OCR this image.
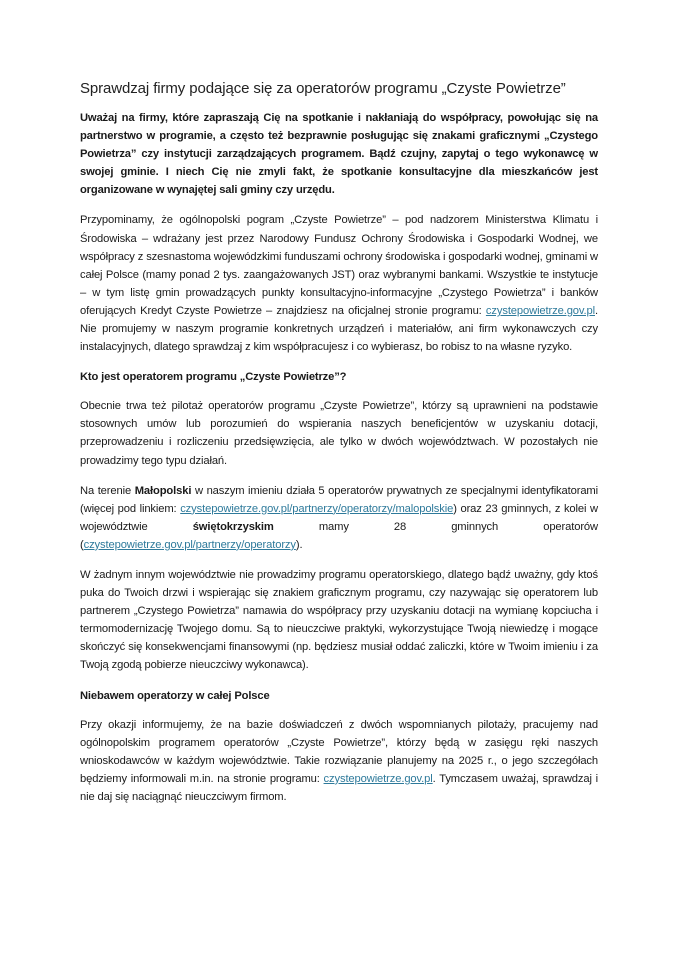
Sprawdzaj firmy podające się za operatorów programu „Czyste Powietrze”

Uważaj na firmy, które zapraszają Cię na spotkanie i nakłaniają do współpracy, powołując się na partnerstwo w programie, a często też bezprawnie posługując się znakami graficznymi „Czystego Powietrza” czy instytucji zarządzających programem. Bądź czujny, zapytaj o tego wykonawcę w swojej gminie. I niech Cię nie zmyli fakt, że spotkanie konsultacyjne dla mieszkańców jest organizowane w wynajętej sali gminy czy urzędu.

Przypominamy, że ogólnopolski pogram „Czyste Powietrze” – pod nadzorem Ministerstwa Klimatu i Środowiska – wdrażany jest przez Narodowy Fundusz Ochrony Środowiska i Gospodarki Wodnej, we współpracy z szesnastoma wojewódzkimi funduszami ochrony środowiska i gospodarki wodnej, gminami w całej Polsce (mamy ponad 2 tys. zaangażowanych JST) oraz wybranymi bankami. Wszystkie te instytucje – w tym listę gmin prowadzących punkty konsultacyjno-informacyjne „Czystego Powietrza” i banków oferujących Kredyt Czyste Powietrze – znajdziesz na oficjalnej stronie programu: czystepowietrze.gov.pl. Nie promujemy w naszym programie konkretnych urządzeń i materiałów, ani firm wykonawczych czy instalacyjnych, dlatego sprawdzaj z kim współpracujesz i co wybierasz, bo robisz to na własne ryzyko.

Kto jest operatorem programu „Czyste Powietrze”?

Obecnie trwa też pilotaż operatorów programu „Czyste Powietrze”, którzy są uprawnieni na podstawie stosownych umów lub porozumień do wspierania naszych beneficjentów w uzyskaniu dotacji, przeprowadzeniu i rozliczeniu przedsięwzięcia, ale tylko w dwóch województwach. W pozostałych nie prowadzimy tego typu działań.

Na terenie Małopolski w naszym imieniu działa 5 operatorów prywatnych ze specjalnymi identyfikatorami (więcej pod linkiem: czystepowietrze.gov.pl/partnerzy/operatorzy/malopolskie) oraz 23 gminnych, z kolei w województwie świętokrzyskim mamy 28 gminnych operatorów (czystepowietrze.gov.pl/partnerzy/operatorzy).

W żadnym innym województwie nie prowadzimy programu operatorskiego, dlatego bądź uważny, gdy ktoś puka do Twoich drzwi i wspierając się znakiem graficznym programu, czy nazywając się operatorem lub partnerem „Czystego Powietrza” namawia do współpracy przy uzyskaniu dotacji na wymianę kopciucha i termomodernizację Twojego domu. Są to nieuczciwe praktyki, wykorzystujące Twoją niewiedzę i mogące skończyć się konsekwencjami finansowymi (np. będziesz musiał oddać zaliczki, które w Twoim imieniu i za Twoją zgodą pobierze nieuczciwy wykonawca).

Niebawem operatorzy w całej Polsce

Przy okazji informujemy, że na bazie doświadczeń z dwóch wspomnianych pilotaży, pracujemy nad ogólnopolskim programem operatorów „Czyste Powietrze”, którzy będą w zasięgu ręki naszych wnioskodawców w każdym województwie. Takie rozwiązanie planujemy na 2025 r., o jego szczegółach będziemy informowali m.in. na stronie programu: czystepowietrze.gov.pl. Tymczasem uważaj, sprawdzaj i nie daj się naciągnąć nieuczciwym firmom.
